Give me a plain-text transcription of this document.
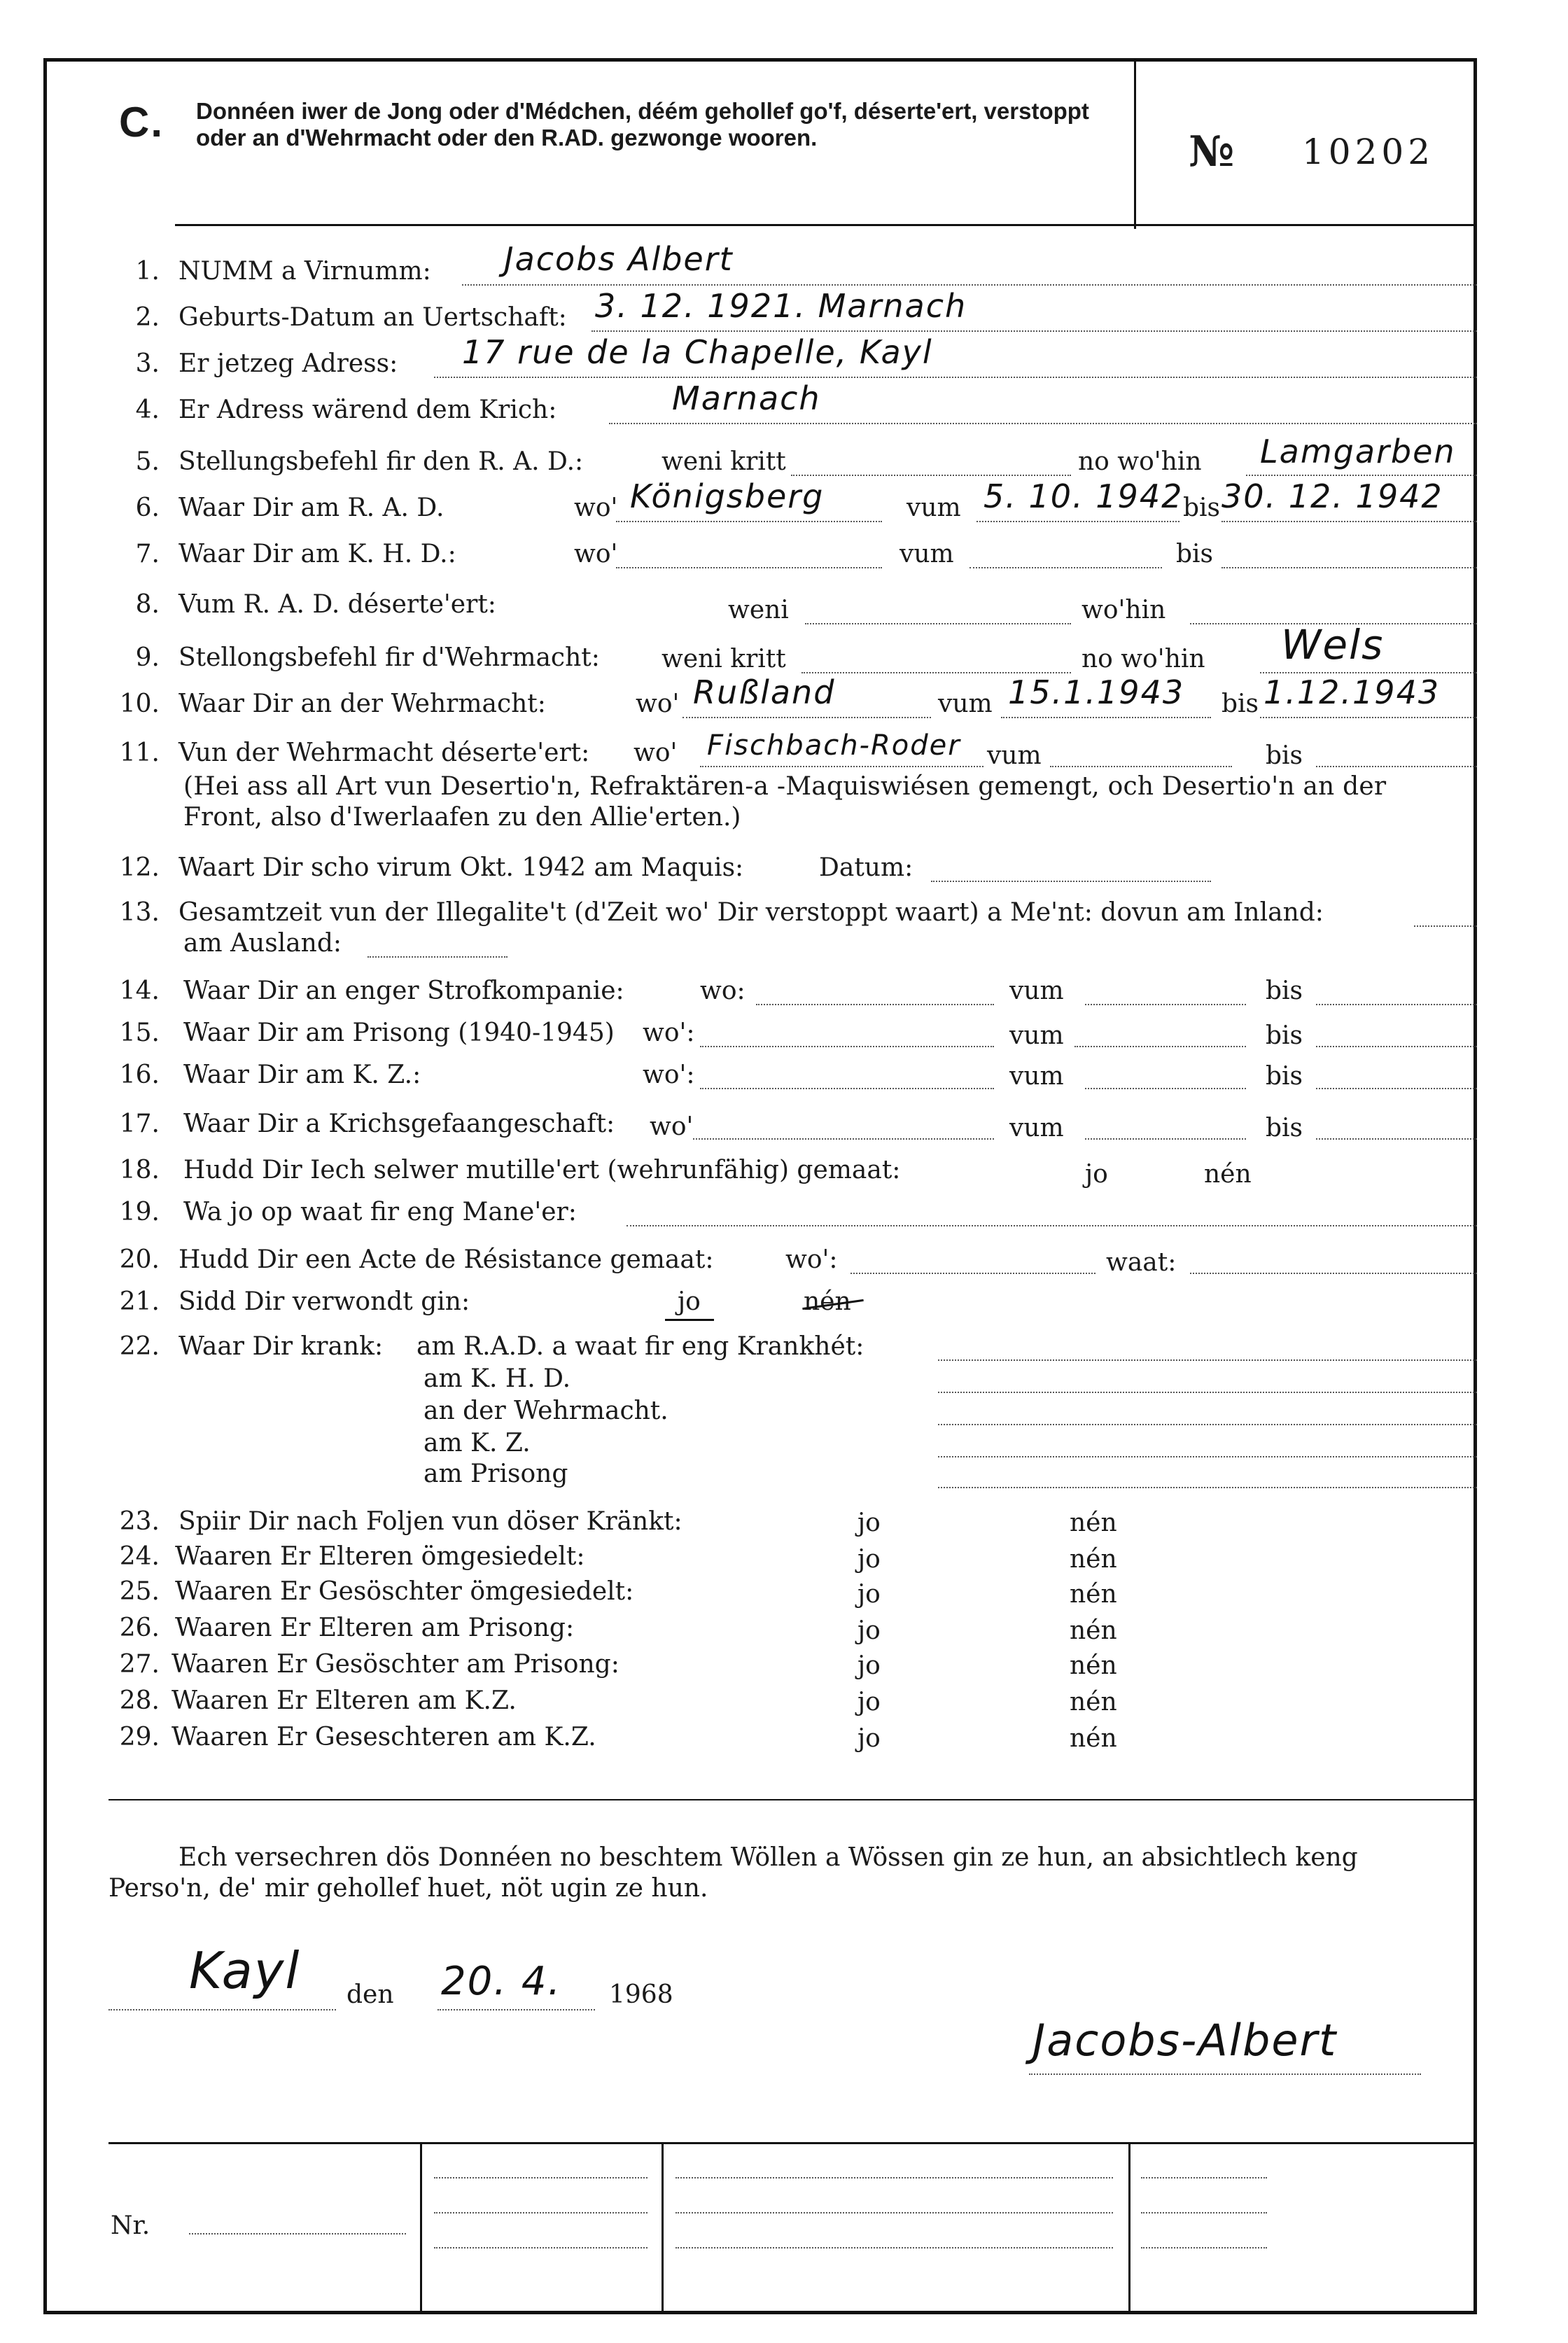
C. Donnéen iwer de Jong oder d'Médchen, déém gehollef go'f, déserte'ert, verstoppt oder an d'Wehrmacht oder den R.AD. gezwonge wooren.	№ 10202
1. NUMM a Virnumm: Jacobs Albert
2. Geburts-Datum an Uertschaft: 3. 12. 1921. Marnach
3. Er jetzeg Adress: 17 rue de la Chapelle, Kayl
4. Er Adress wärend dem Krich:	Marnach
5. Stellungsbefehl fir den R. A. D.:	weni kritt	no wo'hin Lamgarben
6. Waar Dir am R. A. D.	wo' Königsberg	vum 5. 10. 1942 bis 30. 12. 1942
7. Waar Dir am K. H. D.:	wo'	vum	bis
8. Vum R. A. D. déserte'ert:	weni	wo'hin
9. Stellongsbefehl fir d'Wehrmacht: weni kritt	no wo'hin Wels
10. Waar Dir an der Wehrmacht:	wo' Rußland	vum 15.1.1943 bis 1.12.1943
11. Vun der Wehrmacht déserte'ert: wo' Fischbach-Roder vum	bis
(Hei ass all Art vun Desertio'n, Refraktären-a -Maquiswiésen gemengt, och Desertio'n an der
Front, also d'Iwerlaafen zu den Allie'erten.)
12. Waart Dir scho virum Okt. 1942 am Maquis:	Datum:
13. Gesamtzeit vun der Illegalite't (d'Zeit wo' Dir verstoppt waart) a Me'nt: dovun am Inland:
am Ausland:
14. Waar Dir an enger Strofkompanie:	wo:	vum	bis
15. Waar Dir am Prisong (1940-1945) wo':	vum	bis
16. Waar Dir am K. Z.:	wo':	vum	bis
17. Waar Dir a Krichsgefaangeschaft: wo'	vum	bis
18. Hudd Dir Iech selwer mutille'ert (wehrunfähig) gemaat:	jo	nén
19. Wa jo op waat fir eng Mane'er:
20. Hudd Dir een Acte de Résistance gemaat:	wo':	waat:
21. Sidd Dir verwondt gin:	jo	nén
22. Waar Dir krank: am R.A.D. a waat fir eng Krankhét:
am K. H. D.
an der Wehrmacht.
am K. Z.
am Prisong
23. Spiir Dir nach Foljen vun döser Kränkt:	jo	nén
24. Waaren Er Elteren ömgesiedelt:	jo	nén
25. Waaren Er Gesöschter ömgesiedelt:	jo	nén
26. Waaren Er Elteren am Prisong:	jo	nén
27. Waaren Er Gesöschter am Prisong:	jo	nén
28. Waaren Er Elteren am K.Z.	jo	nén
29. Waaren Er Geseschteren am K.Z.	jo	nén
Ech versechren dös Donnéen no beschtem Wöllen a Wössen gin ze hun, an absichtlech keng
Perso'n, de' mir gehollef huet, nöt ugin ze hun.
Kayl den 20. 4. 1968
Jacobs-Albert
Nr.
